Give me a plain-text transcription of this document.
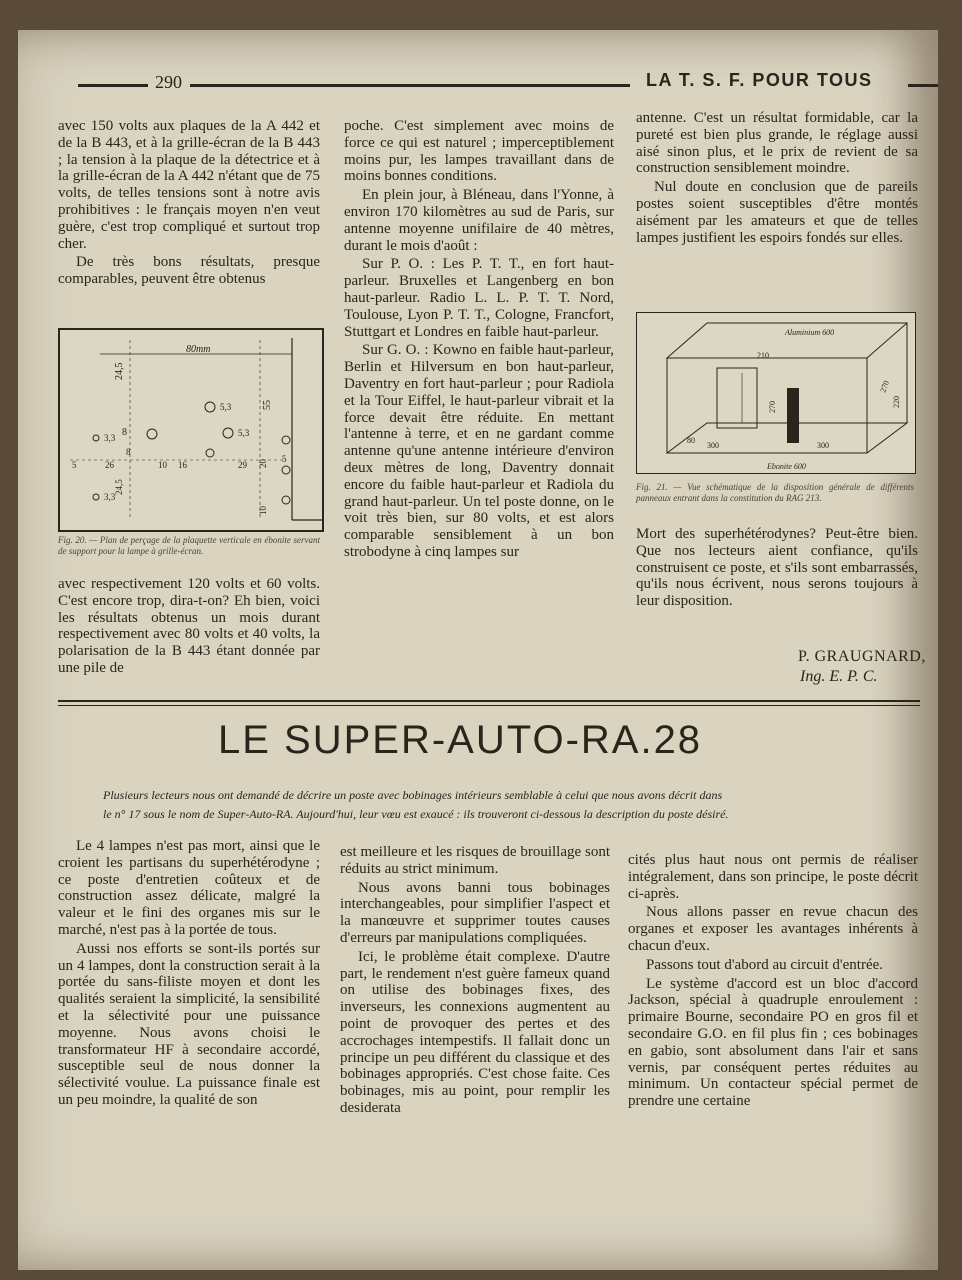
290	LA T. S. F. POUR TOUS

avec 150 volts aux plaques de la A 442 et de la B 443, et à la grille-écran de la B 443 ; la tension à la plaque de la détectrice et à la grille-écran de la A 442 n'étant que de 75 volts, de telles tensions sont à notre avis prohibitives : le français moyen n'en veut guère, c'est trop compliqué et surtout trop cher.

De très bons résultats, presque comparables, peuvent être obtenus

80mm
24,5
55
8
5,3
5,3
3,3
3,3
5	26	10 16	29 20 5
24,5
10
8
Fig. 20. — Plan de perçage de la plaquette verticale en ébonite servant de support pour la lampe à grille-écran.

avec respectivement 120 volts et 60 volts. C'est encore trop, dira-t-on? Eh bien, voici les résultats obtenus un mois durant respectivement avec 80 volts et 40 volts, la polarisation de la B 443 étant donnée par une pile de

poche. C'est simplement avec moins de force ce qui est naturel ; imperceptiblement moins pur, les lampes travaillant dans de moins bonnes conditions.

En plein jour, à Bléneau, dans l'Yonne, à environ 170 kilomètres au sud de Paris, sur antenne moyenne unifilaire de 40 mètres, durant le mois d'août :

Sur P. O. : Les P. T. T., en fort haut-parleur. Bruxelles et Langenberg en bon haut-parleur. Radio L. L. P. T. T. Nord, Toulouse, Lyon P. T. T., Cologne, Francfort, Stuttgart et Londres en faible haut-parleur.

Sur G. O. : Kowno en faible haut-parleur, Berlin et Hilversum en bon haut-parleur, Daventry en fort haut-parleur ; pour Radiola et la Tour Eiffel, le haut-parleur vibrait et la force devait être réduite. En mettant l'antenne à terre, et en ne gardant comme antenne qu'une antenne intérieure d'environ deux mètres de long, Daventry donnait encore du faible haut-parleur et Radiola du grand haut-parleur. Un tel poste donne, on le voit très bien, sur 80 volts, et est alors comparable sensiblement à un bon strobodyne à cinq lampes sur

antenne. C'est un résultat formidable, car la pureté est bien plus grande, le réglage aussi aisé sinon plus, et le prix de revient de sa construction sensiblement moindre.

Nul doute en conclusion que de pareils postes soient susceptibles d'être montés aisément par les amateurs et que de telles lampes justifient les espoirs fondés sur elles.

Aluminium 600
Ebonite 600
210
270
220
300	300
80
270
Fig. 21. — Vue schématique de la disposition générale de différents panneaux entrant dans la constitution du RAG 213.

Mort des superhétérodynes? Peut-être bien. Que nos lecteurs aient confiance, qu'ils construisent ce poste, et s'ils sont embarrassés, qu'ils nous écrivent, nous serons toujours à leur disposition.

P. GRAUGNARD,
Ing. E. P. C.
LE SUPER-AUTO-RA.28
Plusieurs lecteurs nous ont demandé de décrire un poste avec bobinages intérieurs semblable à celui que nous avons décrit dans
le n° 17 sous le nom de Super-Auto-RA. Aujourd'hui, leur vœu est exaucé : ils trouveront ci-dessous la description du poste désiré.

Le 4 lampes n'est pas mort, ainsi que le croient les partisans du superhétérodyne ; ce poste d'entretien coûteux et de construction assez délicate, malgré la valeur et le fini des organes mis sur le marché, n'est pas à la portée de tous.

Aussi nos efforts se sont-ils portés sur un 4 lampes, dont la construction serait à la portée du sans-filiste moyen et dont les qualités seraient la simplicité, la sensibilité et la sélectivité pour une puissance moyenne. Nous avons choisi le transformateur HF à secondaire accordé, susceptible seul de nous donner la sélectivité voulue. La puissance finale est un peu moindre, la qualité de son

est meilleure et les risques de brouillage sont réduits au strict minimum.

Nous avons banni tous bobinages interchangeables, pour simplifier l'aspect et la manœuvre et supprimer toutes causes d'erreurs par manipulations compliquées.

Ici, le problème était complexe. D'autre part, le rendement n'est guère fameux quand on utilise des bobinages fixes, des inverseurs, les connexions augmentent au point de provoquer des pertes et des accrochages intempestifs. Il fallait donc un principe un peu différent du classique et des bobinages appropriés. C'est chose faite. Ces bobinages, mis au point, pour remplir les desiderata

cités plus haut nous ont permis de réaliser intégralement, dans son principe, le poste décrit ci-après.

Nous allons passer en revue chacun des organes et exposer les avantages inhérents à chacun d'eux.

Passons tout d'abord au circuit d'entrée.

Le système d'accord est un bloc d'accord Jackson, spécial à quadruple enroulement : primaire Bourne, secondaire PO en gros fil et secondaire G.O. en fil plus fin ; ces bobinages en gabio, sont absolument dans l'air et sans vernis, par conséquent pertes réduites au minimum. Un contacteur spécial permet de prendre une certaine
